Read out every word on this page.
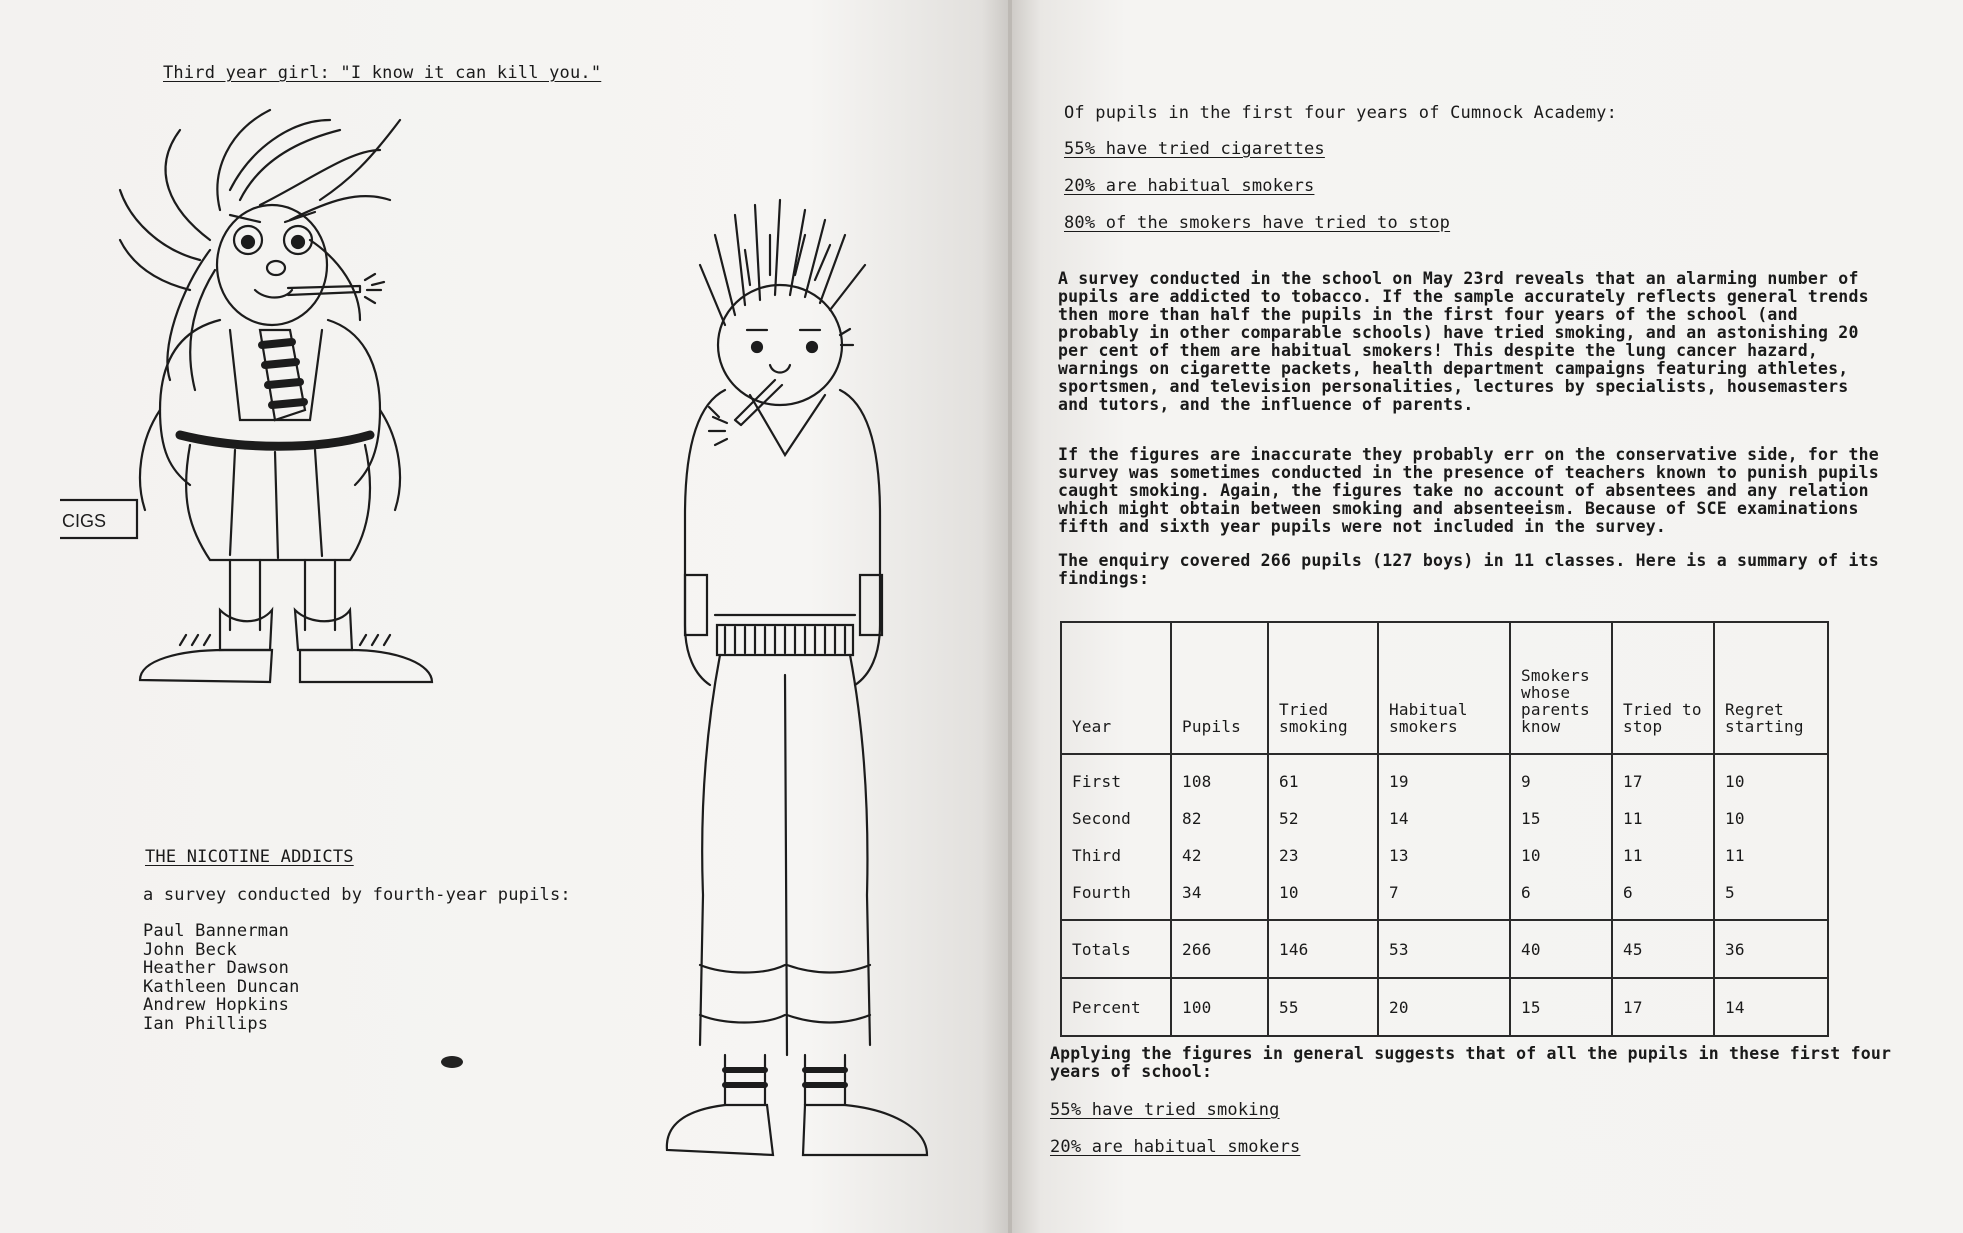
Third year girl: "I know it can kill you."
CIGS
THE NICOTINE ADDICTS
a survey conducted by fourth-year pupils:
Paul Bannerman
John Beck
Heather Dawson
Kathleen Duncan
Andrew Hopkins
Ian Phillips
Of pupils in the first four years of Cumnock Academy:
55% have tried cigarettes
20% are habitual smokers
80% of the smokers have tried to stop
A survey conducted in the school on May 23rd reveals that an alarming number of pupils are addicted to tobacco. If the sample accurately reflects general trends then more than half the pupils in the first four years of the school (and probably in other comparable schools) have tried smoking, and an astonishing 20 per cent of them are habitual smokers! This despite the lung cancer hazard, warnings on cigarette packets, health department campaigns featuring athletes, sportsmen, and television personalities, lectures by specialists, housemasters and tutors, and the influence of parents.
If the figures are inaccurate they probably err on the conservative side, for the survey was sometimes conducted in the presence of teachers known to punish pupils caught smoking. Again, the figures take no account of absentees and any relation which might obtain between smoking and absenteeism. Because of SCE examinations fifth and sixth year pupils were not included in the survey.
The enquiry covered 266 pupils (127 boys) in 11 classes. Here is a summary of its findings:
Year	Pupils	Tried smoking	Habitual smokers	Smokers whose parents know	Tried to stop	Regret starting
First	108	61	19	9	17	10
Second	82	52	14	15	11	10
Third	42	23	13	10	11	11
Fourth	34	10	7	6	6	5
Totals	266	146	53	40	45	36
Percent	100	55	20	15	17	14
Applying the figures in general suggests that of all the pupils in these first four years of school:
55% have tried smoking
20% are habitual smokers
